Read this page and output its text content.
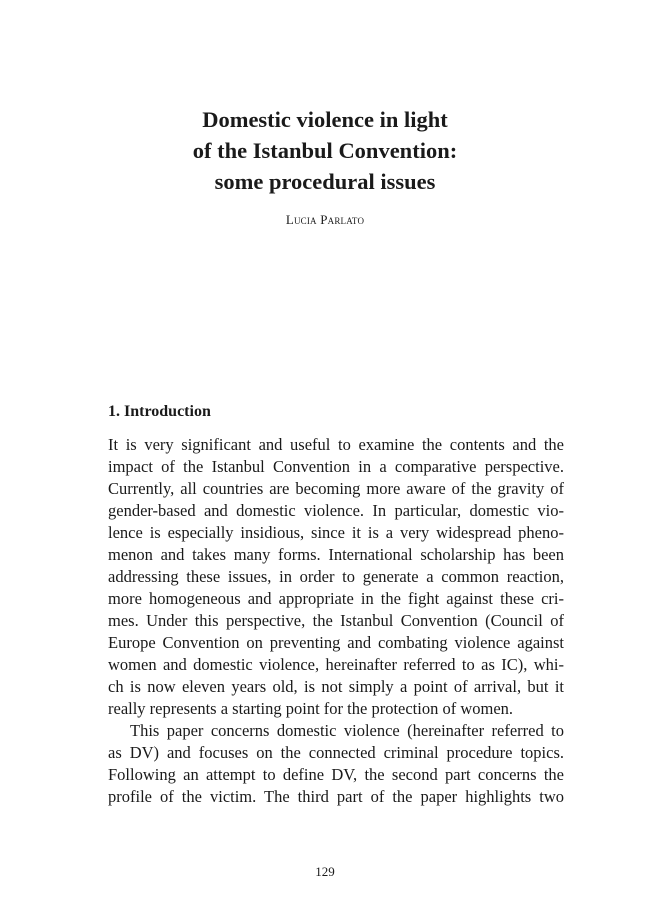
Domestic violence in light
of the Istanbul Convention:
some procedural issues
Lucia Parlato
1. Introduction
It is very significant and useful to examine the contents and the
impact of the Istanbul Convention in a comparative perspective.
Currently, all countries are becoming more aware of the gravity of
gender-based and domestic violence. In particular, domestic vio-
lence is especially insidious, since it is a very widespread pheno-
menon and takes many forms. International scholarship has been
addressing these issues, in order to generate a common reaction,
more homogeneous and appropriate in the fight against these cri-
mes. Under this perspective, the Istanbul Convention (Council of
Europe Convention on preventing and combating violence against
women and domestic violence, hereinafter referred to as IC), whi-
ch is now eleven years old, is not simply a point of arrival, but it
really represents a starting point for the protection of women.
This paper concerns domestic violence (hereinafter referred to
as DV) and focuses on the connected criminal procedure topics.
Following an attempt to define DV, the second part concerns the
profile of the victim. The third part of the paper highlights two
129
